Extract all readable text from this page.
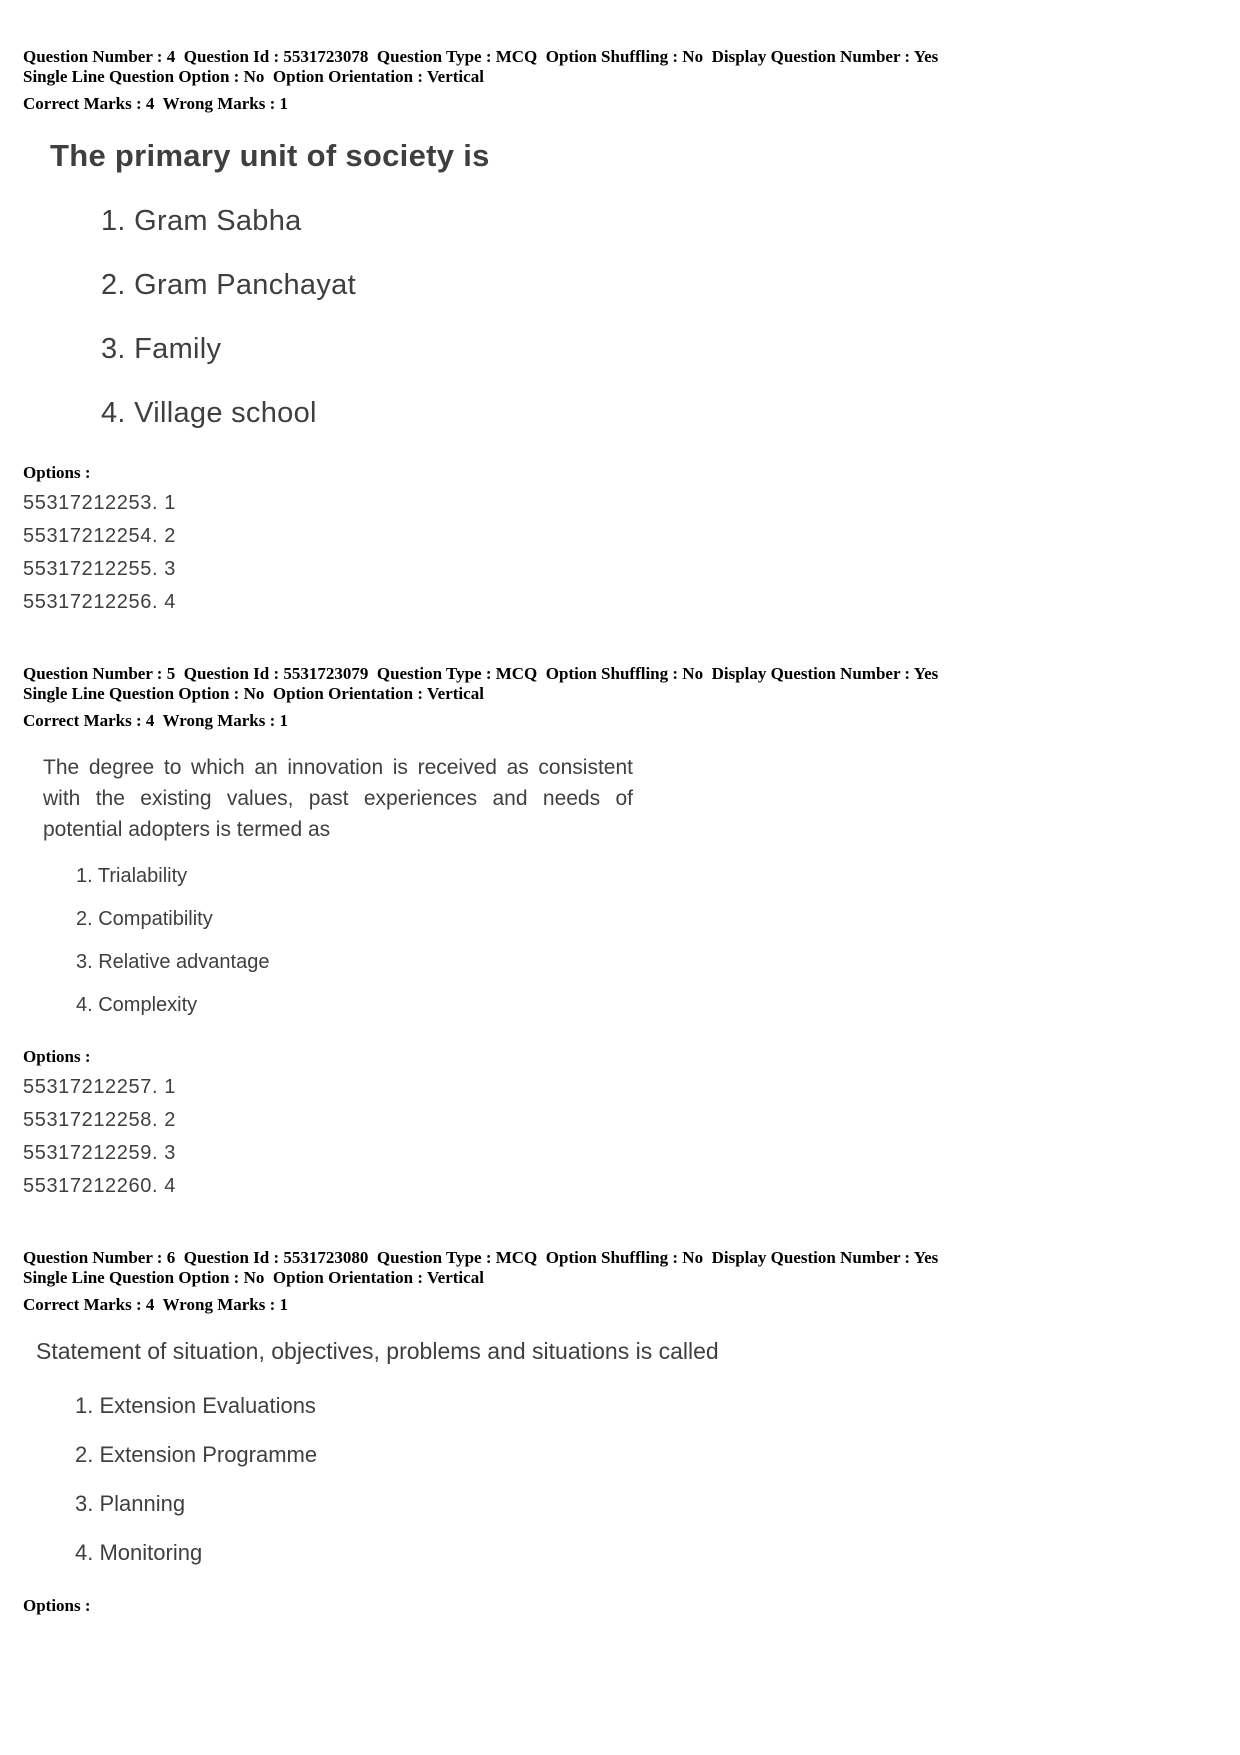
Question Number : 4  Question Id : 5531723078  Question Type : MCQ  Option Shuffling : No  Display Question Number : Yes
Single Line Question Option : No  Option Orientation : Vertical
Correct Marks : 4  Wrong Marks : 1
The primary unit of society is
1. Gram Sabha
2. Gram Panchayat
3. Family
4. Village school
Options :
55317212253. 1
55317212254. 2
55317212255. 3
55317212256. 4
Question Number : 5  Question Id : 5531723079  Question Type : MCQ  Option Shuffling : No  Display Question Number : Yes
Single Line Question Option : No  Option Orientation : Vertical
Correct Marks : 4  Wrong Marks : 1
The degree to which an innovation is received as consistent with the existing values, past experiences and needs of potential adopters is termed as
1. Trialability
2. Compatibility
3. Relative advantage
4. Complexity
Options :
55317212257. 1
55317212258. 2
55317212259. 3
55317212260. 4
Question Number : 6  Question Id : 5531723080  Question Type : MCQ  Option Shuffling : No  Display Question Number : Yes
Single Line Question Option : No  Option Orientation : Vertical
Correct Marks : 4  Wrong Marks : 1
Statement of situation, objectives, problems and situations is called
1. Extension Evaluations
2. Extension Programme
3. Planning
4. Monitoring
Options :
